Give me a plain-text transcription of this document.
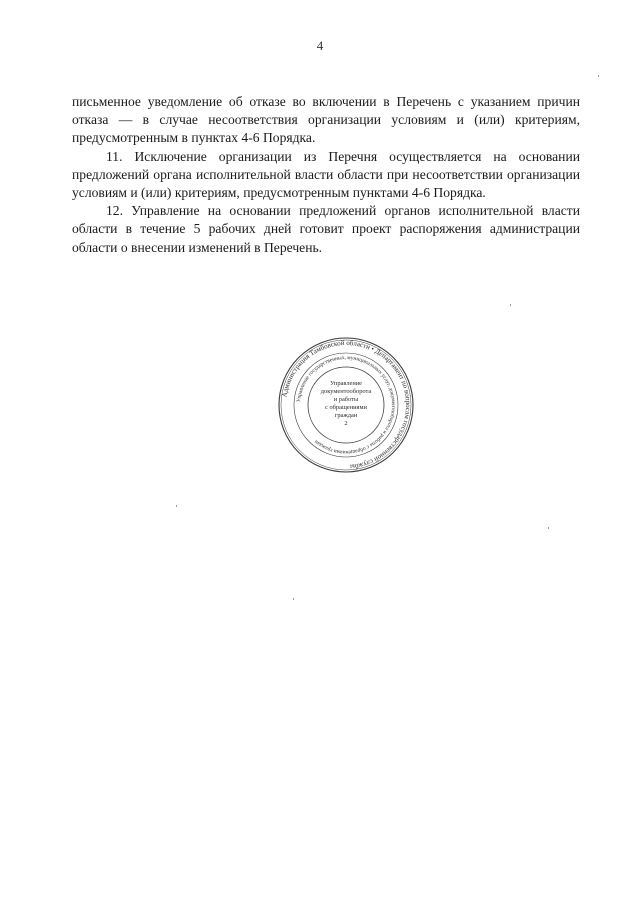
4

письменное уведомление об отказе во включении в Перечень с указанием причин отказа — в случае несоответствия организации условиям и (или) критериям, предусмотренным в пунктах 4-6 Порядка.

11. Исключение организации из Перечня осуществляется на основании предложений органа исполнительной власти области при несоответствии организации условиям и (или) критериям, предусмотренным пунктами 4-6 Порядка.

12. Управление на основании предложений органов исполнительной власти области в течение 5 рабочих дней готовит проект распоряжения администрации области о внесении изменений в Перечень.

Администрация Тамбовской области • Департамент по вопросам государственной службы
Управление государственных, муниципальных услуг, документооборота и работы с обращениями граждан
Управление
документооборота
и работы
с обращениями
граждан
2
